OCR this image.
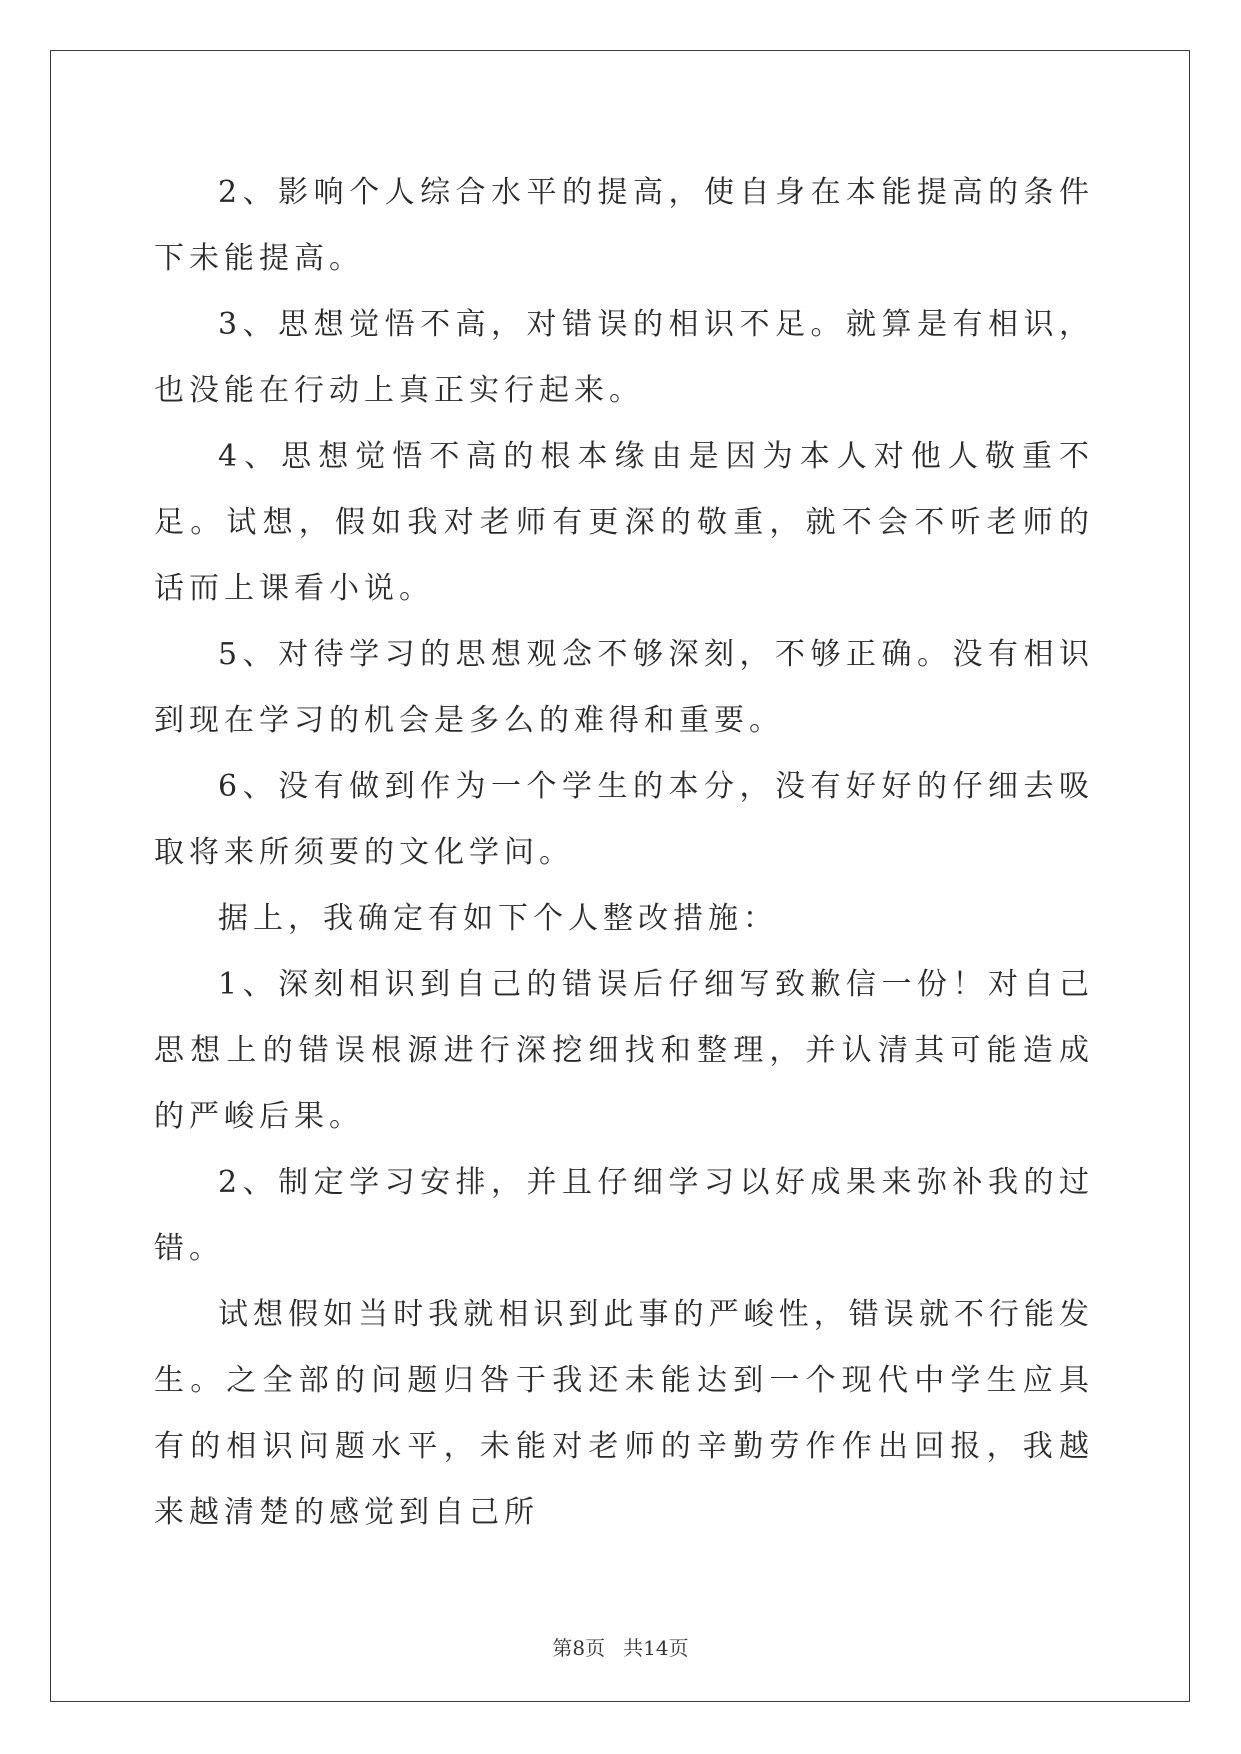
2、影响个人综合水平的提高，使自身在本能提高的条件下未能提高。

3、思想觉悟不高，对错误的相识不足。就算是有相识，也没能在行动上真正实行起来。

4、思想觉悟不高的根本缘由是因为本人对他人敬重不足。试想，假如我对老师有更深的敬重，就不会不听老师的话而上课看小说。

5、对待学习的思想观念不够深刻，不够正确。没有相识到现在学习的机会是多么的难得和重要。

6、没有做到作为一个学生的本分，没有好好的仔细去吸取将来所须要的文化学问。

据上，我确定有如下个人整改措施：

1、深刻相识到自己的错误后仔细写致歉信一份！对自己思想上的错误根源进行深挖细找和整理，并认清其可能造成的严峻后果。

2、制定学习安排，并且仔细学习以好成果来弥补我的过错。

试想假如当时我就相识到此事的严峻性，错误就不行能发生。之全部的问题归咎于我还未能达到一个现代中学生应具有的相识问题水平，未能对老师的辛勤劳作作出回报，我越来越清楚的感觉到自己所

第8页 共14页
